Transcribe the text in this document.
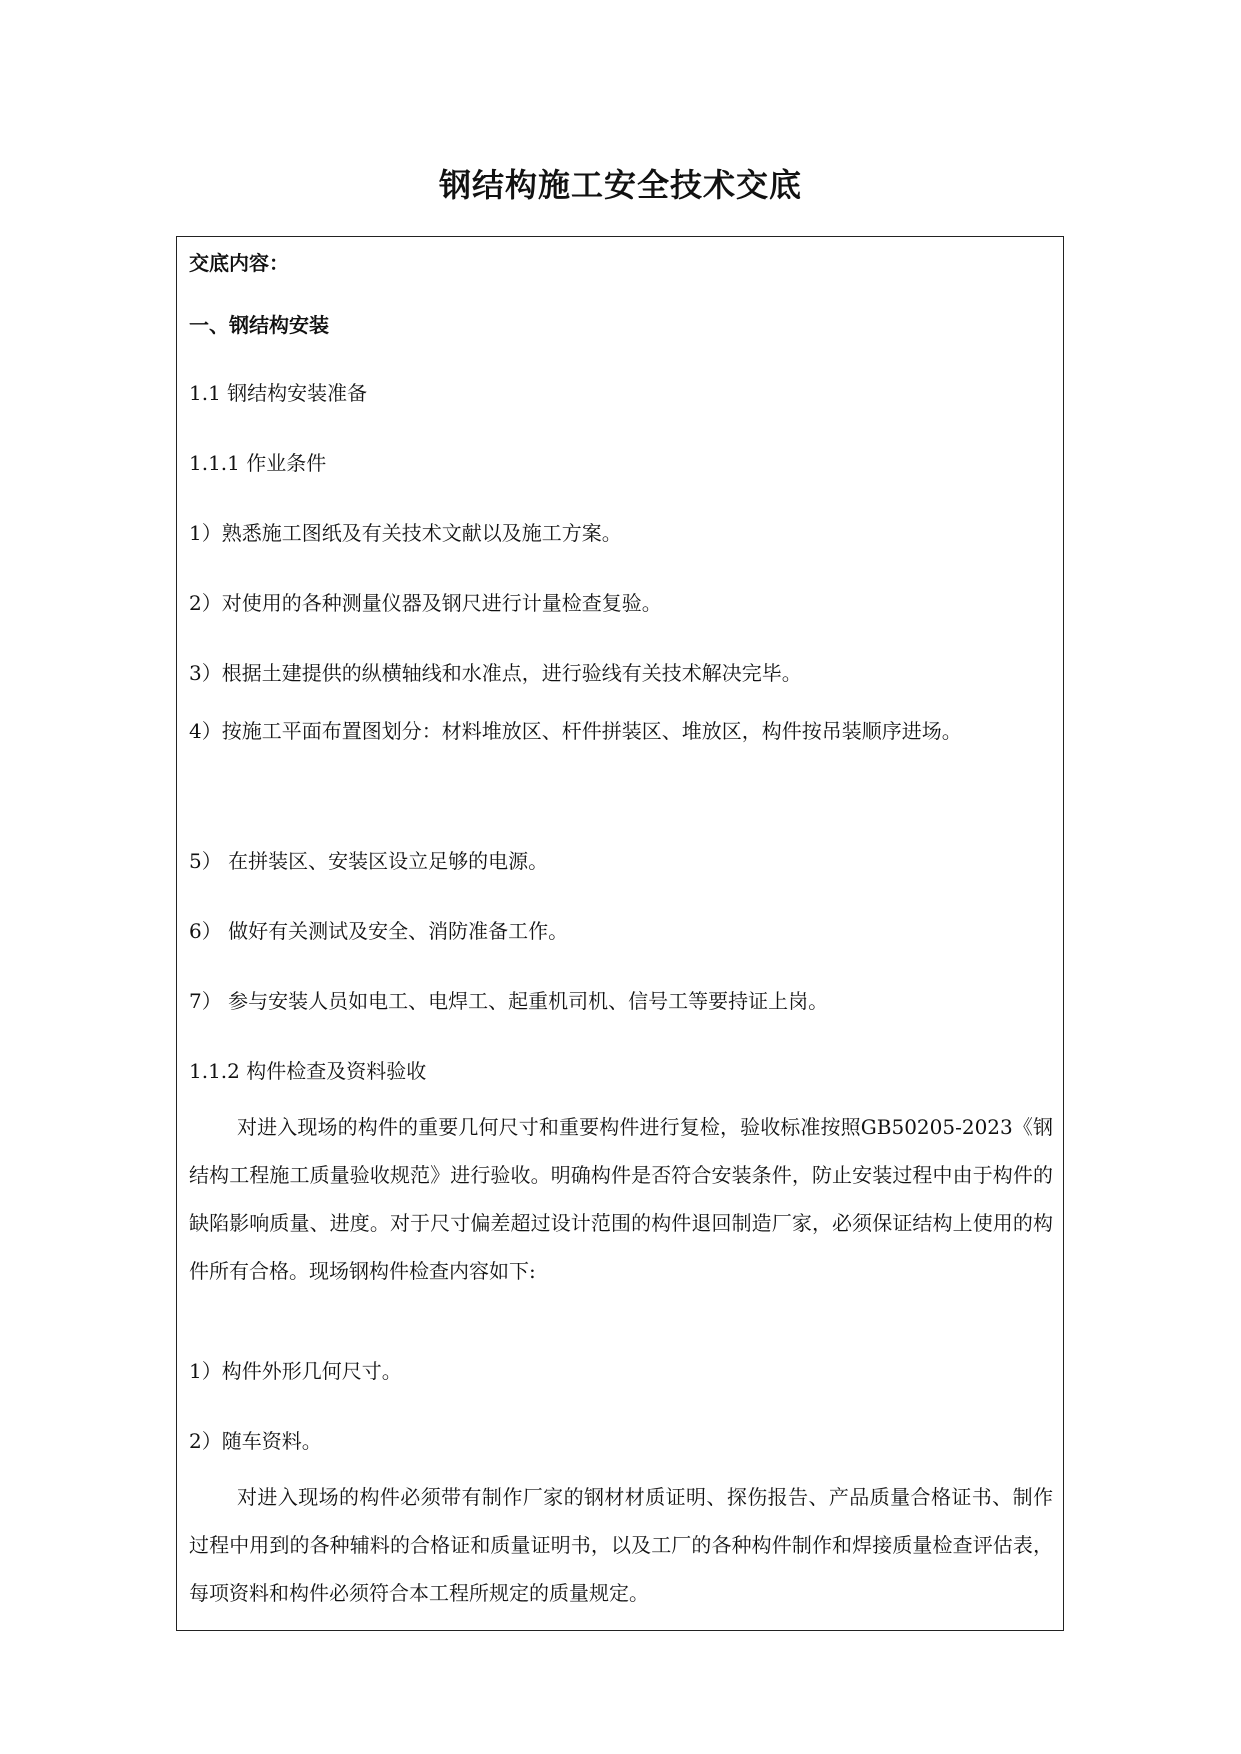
钢结构施工安全技术交底

交底内容：

一、钢结构安装

1.1 钢结构安装准备

1.1.1 作业条件

1）熟悉施工图纸及有关技术文献以及施工方案。

2）对使用的各种测量仪器及钢尺进行计量检查复验。

3）根据土建提供的纵横轴线和水准点，进行验线有关技术解决完毕。

4）按施工平面布置图划分：材料堆放区、杆件拼装区、堆放区，构件按吊装顺序进场。

5） 在拼装区、安装区设立足够的电源。

6） 做好有关测试及安全、消防准备工作。

7） 参与安装人员如电工、电焊工、起重机司机、信号工等要持证上岗。

1.1.2 构件检查及资料验收

对进入现场的构件的重要几何尺寸和重要构件进行复检，验收标准按照GB50205-2023《钢结构工程施工质量验收规范》进行验收。明确构件是否符合安装条件，防止安装过程中由于构件的缺陷影响质量、进度。对于尺寸偏差超过设计范围的构件退回制造厂家，必须保证结构上使用的构件所有合格。现场钢构件检查内容如下:

1）构件外形几何尺寸。

2）随车资料。

对进入现场的构件必须带有制作厂家的钢材材质证明、探伤报告、产品质量合格证书、制作过程中用到的各种辅料的合格证和质量证明书，以及工厂的各种构件制作和焊接质量检查评估表，每项资料和构件必须符合本工程所规定的质量规定。
